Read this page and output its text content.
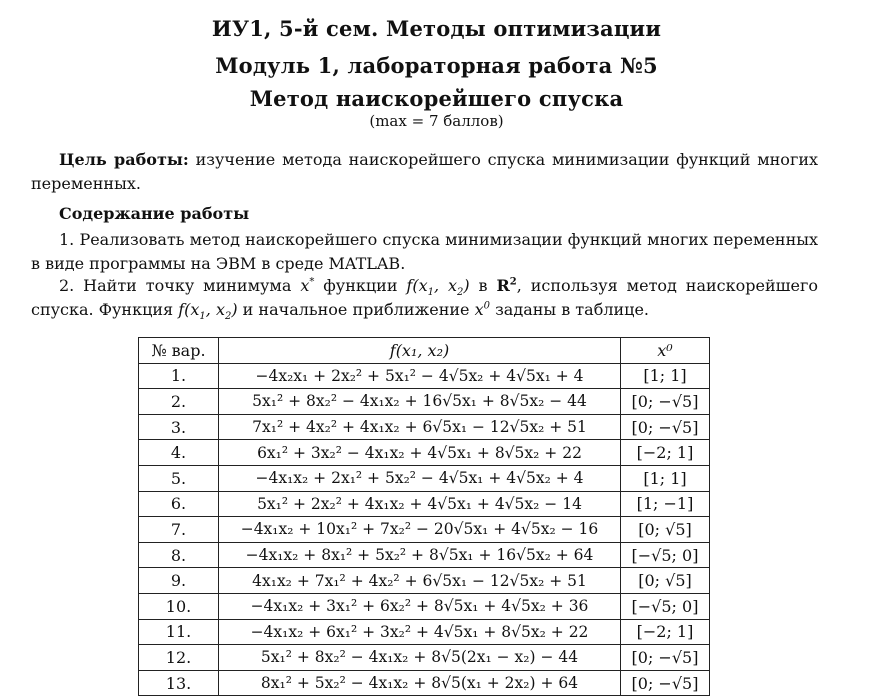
ИУ1, 5-й сем. Методы оптимизации
Модуль 1, лабораторная работа №5
Метод наискорейшего спуска
(max = 7 баллов)
Цель работы: изучение метода наискорейшего спуска минимизации функций многих переменных.
Содержание работы
1. Реализовать метод наискорейшего спуска минимизации функций многих переменных в виде программы на ЭВМ в среде MATLAB.
2. Найти точку минимума x* функции $f(x_1$, $x_2$) в $R^2$, используя метод наискорейшего спуска. Функция $f(x_1$, $x_2$) и начальное приближение $x^0$ заданы в таблице.
№ вар.	f(x₁, x₂)	x⁰
1.	−4x₂x₁ + 2x₂² + 5x₁² − 4√5x₂ + 4√5x₁ + 4	[1; 1]
2.	5x₁² + 8x₂² − 4x₁x₂ + 16√5x₁ + 8√5x₂ − 44	[0; −√5]
3.	7x₁² + 4x₂² + 4x₁x₂ + 6√5x₁ − 12√5x₂ + 51	[0; −√5]
4.	6x₁² + 3x₂² − 4x₁x₂ + 4√5x₁ + 8√5x₂ + 22	[−2; 1]
5.	−4x₁x₂ + 2x₁² + 5x₂² − 4√5x₁ + 4√5x₂ + 4	[1; 1]
6.	5x₁² + 2x₂² + 4x₁x₂ + 4√5x₁ + 4√5x₂ − 14	[1; −1]
7.	−4x₁x₂ + 10x₁² + 7x₂² − 20√5x₁ + 4√5x₂ − 16	[0; √5]
8.	−4x₁x₂ + 8x₁² + 5x₂² + 8√5x₁ + 16√5x₂ + 64	[−√5; 0]
9.	4x₁x₂ + 7x₁² + 4x₂² + 6√5x₁ − 12√5x₂ + 51	[0; √5]
10.	−4x₁x₂ + 3x₁² + 6x₂² + 8√5x₁ + 4√5x₂ + 36	[−√5; 0]
11.	−4x₁x₂ + 6x₁² + 3x₂² + 4√5x₁ + 8√5x₂ + 22	[−2; 1]
12.	5x₁² + 8x₂² − 4x₁x₂ + 8√5(2x₁ − x₂) − 44	[0; −√5]
13.	8x₁² + 5x₂² − 4x₁x₂ + 8√5(x₁ + 2x₂) + 64	[0; −√5]
